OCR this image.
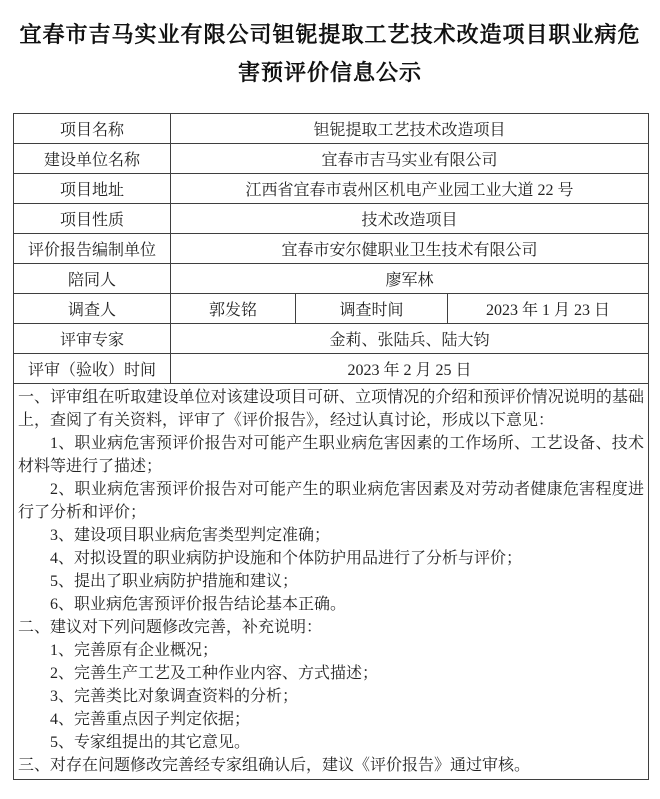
宜春市吉马实业有限公司钽铌提取工艺技术改造项目职业病危
害预评价信息公示
项目名称	钽铌提取工艺技术改造项目		
建设单位名称	宜春市吉马实业有限公司		
项目地址	江西省宜春市袁州区机电产业园工业大道 22 号		
项目性质	技术改造项目		
评价报告编制单位	宜春市安尔健职业卫生技术有限公司		
陪同人	廖军林		
调查人	郭发铭	调查时间	2023 年 1 月 23 日
评审专家	金莉、张陆兵、陆大钧		
评审（验收）时间	2023 年 2 月 25 日		

一、评审组在听取建设单位对该建设项目可研、立项情况的介绍和预评价情况说明的基础上，查阅了有关资料，评审了《评价报告》，经过认真讨论，形成以下意见：

1、职业病危害预评价报告对可能产生职业病危害因素的工作场所、工艺设备、技术材料等进行了描述；

2、职业病危害预评价报告对可能产生的职业病危害因素及对劳动者健康危害程度进行了分析和评价；

3、建设项目职业病危害类型判定准确；

4、对拟设置的职业病防护设施和个体防护用品进行了分析与评价；

5、提出了职业病防护措施和建议；

6、职业病危害预评价报告结论基本正确。

二、建议对下列问题修改完善，补充说明：

1、完善原有企业概况；

2、完善生产工艺及工种作业内容、方式描述；

3、完善类比对象调查资料的分析；

4、完善重点因子判定依据；

5、专家组提出的其它意见。

三、对存在问题修改完善经专家组确认后，建议《评价报告》通过审核。
